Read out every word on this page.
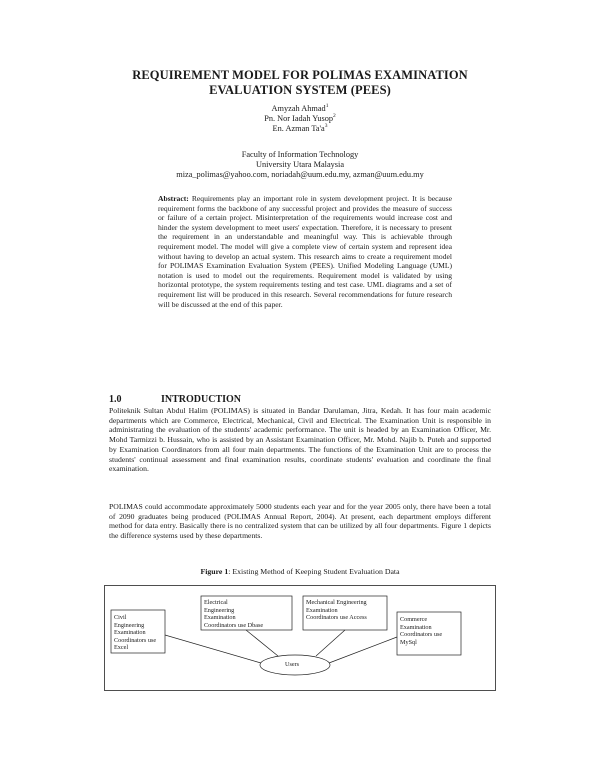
REQUIREMENT MODEL FOR POLIMAS EXAMINATION
EVALUATION SYSTEM (PEES)
Amyzah Ahmad$^1$
Pn. Nor Iadah Yusop$^2$
En. Azman $Ta'a^3$
Faculty of Information Technology
University Utara Malaysia
miza_polimas@yahoo.com, noriadah@uum.edu.my, azman@uum.edu.my
Abstract: Requirements play an important role in system development project. It is because requirement forms the backbone of any successful project and provides the measure of success or failure of a certain project. Misinterpretation of the requirements would increase cost and hinder the system development to meet users' expectation. Therefore, it is necessary to present the requirement in an understandable and meaningful way. This is achievable through requirement model. The model will give a complete view of certain system and represent idea without having to develop an actual system. This research aims to create a requirement model for POLIMAS Examination Evaluation System (PEES). Unified Modeling Language (UML) notation is used to model out the requirements. Requirement model is validated by using horizontal prototype, the system requirements testing and test case. UML diagrams and a set of requirement list will be produced in this research. Several recommendations for future research will be discussed at the end of this paper.
1.0	INTRODUCTION
Politeknik Sultan Abdul Halim (POLIMAS) is situated in Bandar Darulaman, Jitra, Kedah. It has four main academic departments which are Commerce, Electrical, Mechanical, Civil and Electrical. The Examination Unit is responsible in administrating the evaluation of the students' academic performance. The unit is headed by an Examination Officer, Mr. Mohd Tarmizzi b. Hussain, who is assisted by an Assistant Examination Officer, Mr. Mohd. Najib b. Puteh and supported by Examination Coordinators from all four main departments. The functions of the Examination Unit are to process the students' continual assessment and final examination results, coordinate students' evaluation and coordinate the final examination.
POLIMAS could accommodate approximately 5000 students each year and for the year 2005 only, there have been a total of 2090 graduates being produced (POLIMAS Annual Report, 2004). At present, each department employs different method for data entry. Basically there is no centralized system that can be utilized by all four departments. Figure 1 depicts the difference systems used by these departments.
Figure 1: Existing Method of Keeping Student Evaluation Data
Civil
Engineering
Examination
Coordinators use
Excel
Electrical
Engineering
Examination
Coordinators use Dbase
Mechanical Engineering
Examination
Coordinators use Access	Commerce
Examination
Coordinators use
MySql
Users
